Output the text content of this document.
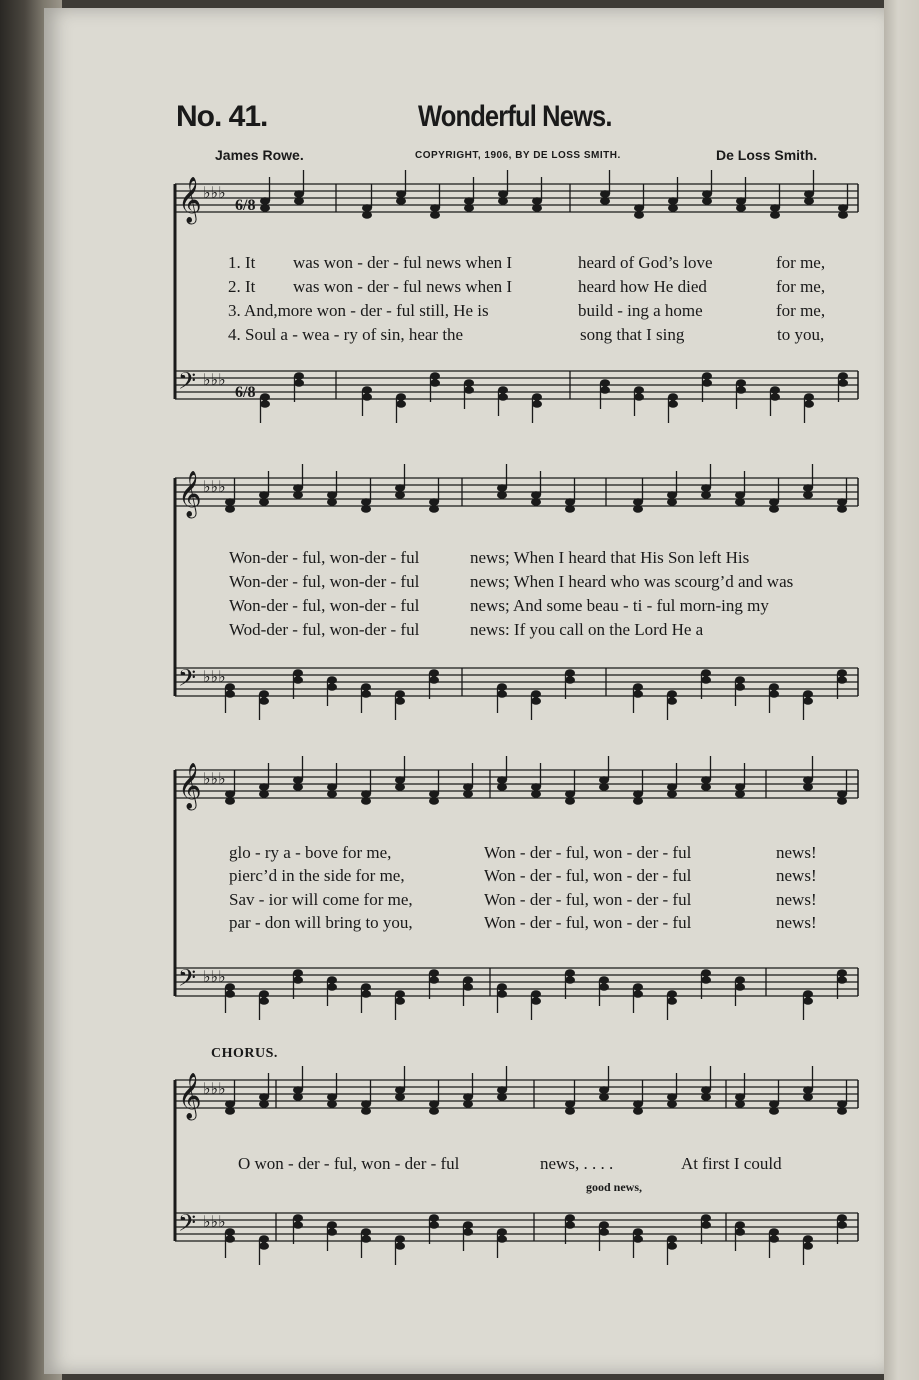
No. 41.	Wonderful News.
James Rowe.	COPYRIGHT, 1906, BY DE LOSS SMITH.	De Loss Smith.
CHORUS.
𝄞 ♭♭♭
𝄢 ♭♭♭
6/8
6/8
𝄞 ♭♭♭
𝄢 ♭♭♭
𝄞 ♭♭♭
𝄢 ♭♭♭
𝄞 ♭♭♭
𝄢 ♭♭♭
1. It was won - der - ful news when I	heard of God’s love	for me,
2. It was won - der - ful news when I	heard how He died	for me,
3. And,more won - der - ful still, He is	build - ing a home	for me,
4. Soul a - wea - ry of sin, hear the	song that I sing	to you,
Won-der - ful, won-der - ful	news; When I heard that His Son left His
Won-der - ful, won-der - ful	news; When I heard who was scourg’d and was
Won-der - ful, won-der - ful	news; And some beau - ti - ful morn-ing my
Wod-der - ful, won-der - ful	news: If you call on the Lord He a
glo - ry a - bove for me,	Won - der - ful, won - der - ful	news!
pierc’d in the side for me,	Won - der - ful, won - der - ful	news!
Sav - ior will come for me,	Won - der - ful, won - der - ful	news!
par - don will bring to you,	Won - der - ful, won - der - ful	news!
O won - der - ful, won - der - ful	news, . . . .	At first I could
good news,
